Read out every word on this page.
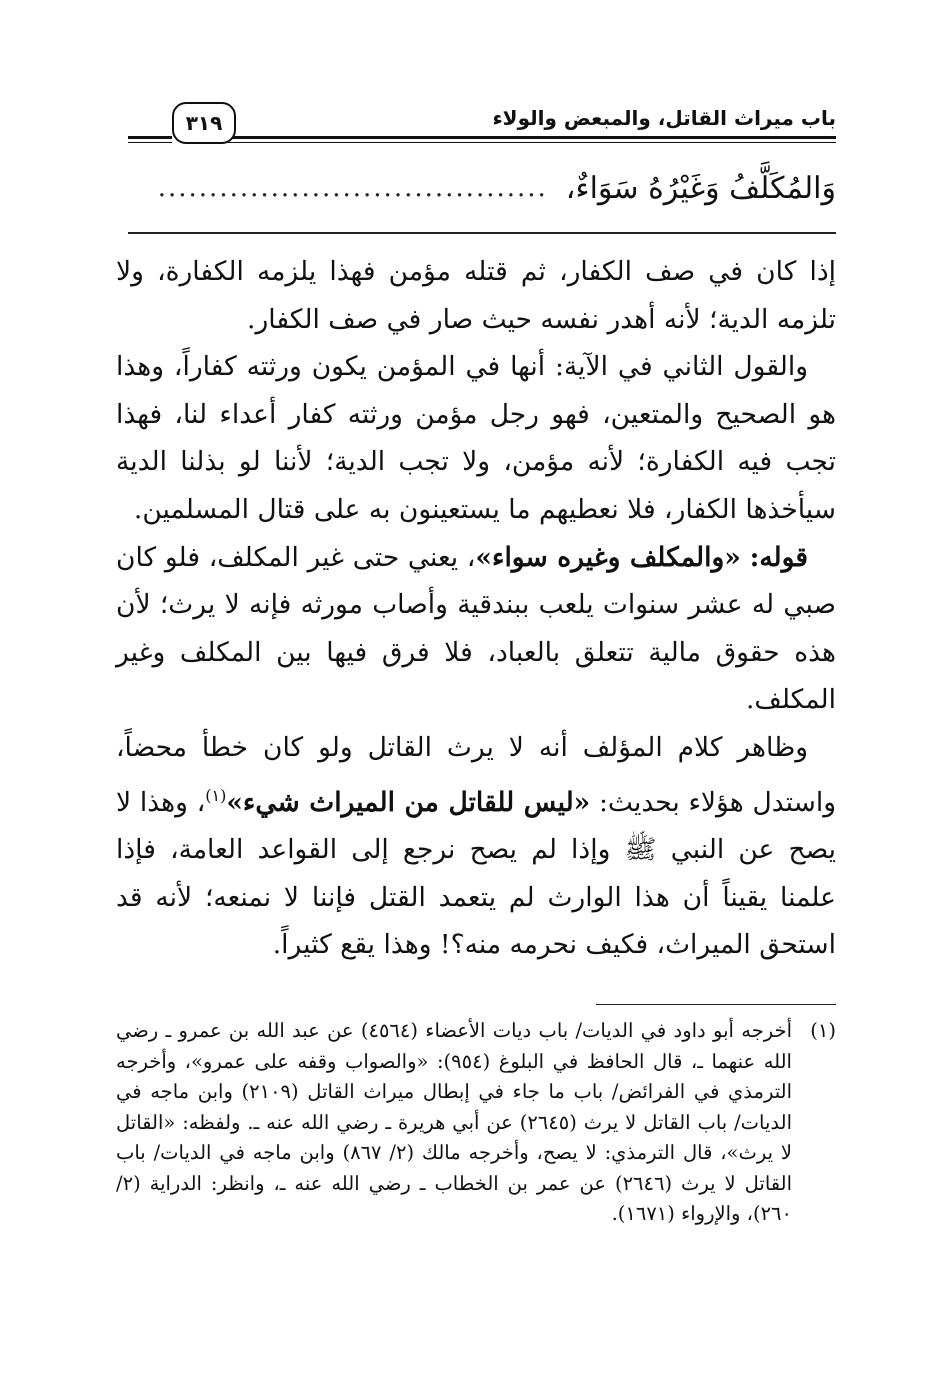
باب ميراث القاتل، والمبعض والولاء
٣١٩
وَالمُكَلَّفُ وَغَيْرُهُ سَوَاءٌ،
......................................

إذا كان في صف الكفار، ثم قتله مؤمن فهذا يلزمه الكفارة، ولا تلزمه الدية؛ لأنه أهدر نفسه حيث صار في صف الكفار.

والقول الثاني في الآية: أنها في المؤمن يكون ورثته كفاراً، وهذا هو الصحيح والمتعين، فهو رجل مؤمن ورثته كفار أعداء لنا، فهذا تجب فيه الكفارة؛ لأنه مؤمن، ولا تجب الدية؛ لأننا لو بذلنا الدية سيأخذها الكفار، فلا نعطيهم ما يستعينون به على قتال المسلمين.

قوله: «والمكلف وغيره سواء»، يعني حتى غير المكلف، فلو كان صبي له عشر سنوات يلعب ببندقية وأصاب مورثه فإنه لا يرث؛ لأن هذه حقوق مالية تتعلق بالعباد، فلا فرق فيها بين المكلف وغير المكلف.

وظاهر كلام المؤلف أنه لا يرث القاتل ولو كان خطأ محضاً، واستدل هؤلاء بحديث: «ليس للقاتل من الميراث شيء»$^{(١)}$، وهذا لا يصح عن النبي ﷺ وإذا لم يصح نرجع إلى القواعد العامة، فإذا علمنا يقيناً أن هذا الوارث لم يتعمد القتل فإننا لا نمنعه؛ لأنه قد استحق الميراث، فكيف نحرمه منه؟! وهذا يقع كثيراً.

(١)
أخرجه أبو داود في الديات/ باب ديات الأعضاء (٤٥٦٤) عن عبد الله بن عمرو ـ رضي الله عنهما ـ، قال الحافظ في البلوغ (٩٥٤): «والصواب وقفه على عمرو»، وأخرجه الترمذي في الفرائض/ باب ما جاء في إبطال ميراث القاتل (٢١٠٩) وابن ماجه في الديات/ باب القاتل لا يرث (٢٦٤٥) عن أبي هريرة ـ رضي الله عنه ـ. ولفظه: «القاتل لا يرث»، قال الترمذي: لا يصح، وأخرجه مالك (٢/ ٨٦٧) وابن ماجه في الديات/ باب القاتل لا يرث (٢٦٤٦) عن عمر بن الخطاب ـ رضي الله عنه ـ، وانظر: الدراية (٢/ ٢٦٠)، والإرواء (١٦٧١).
